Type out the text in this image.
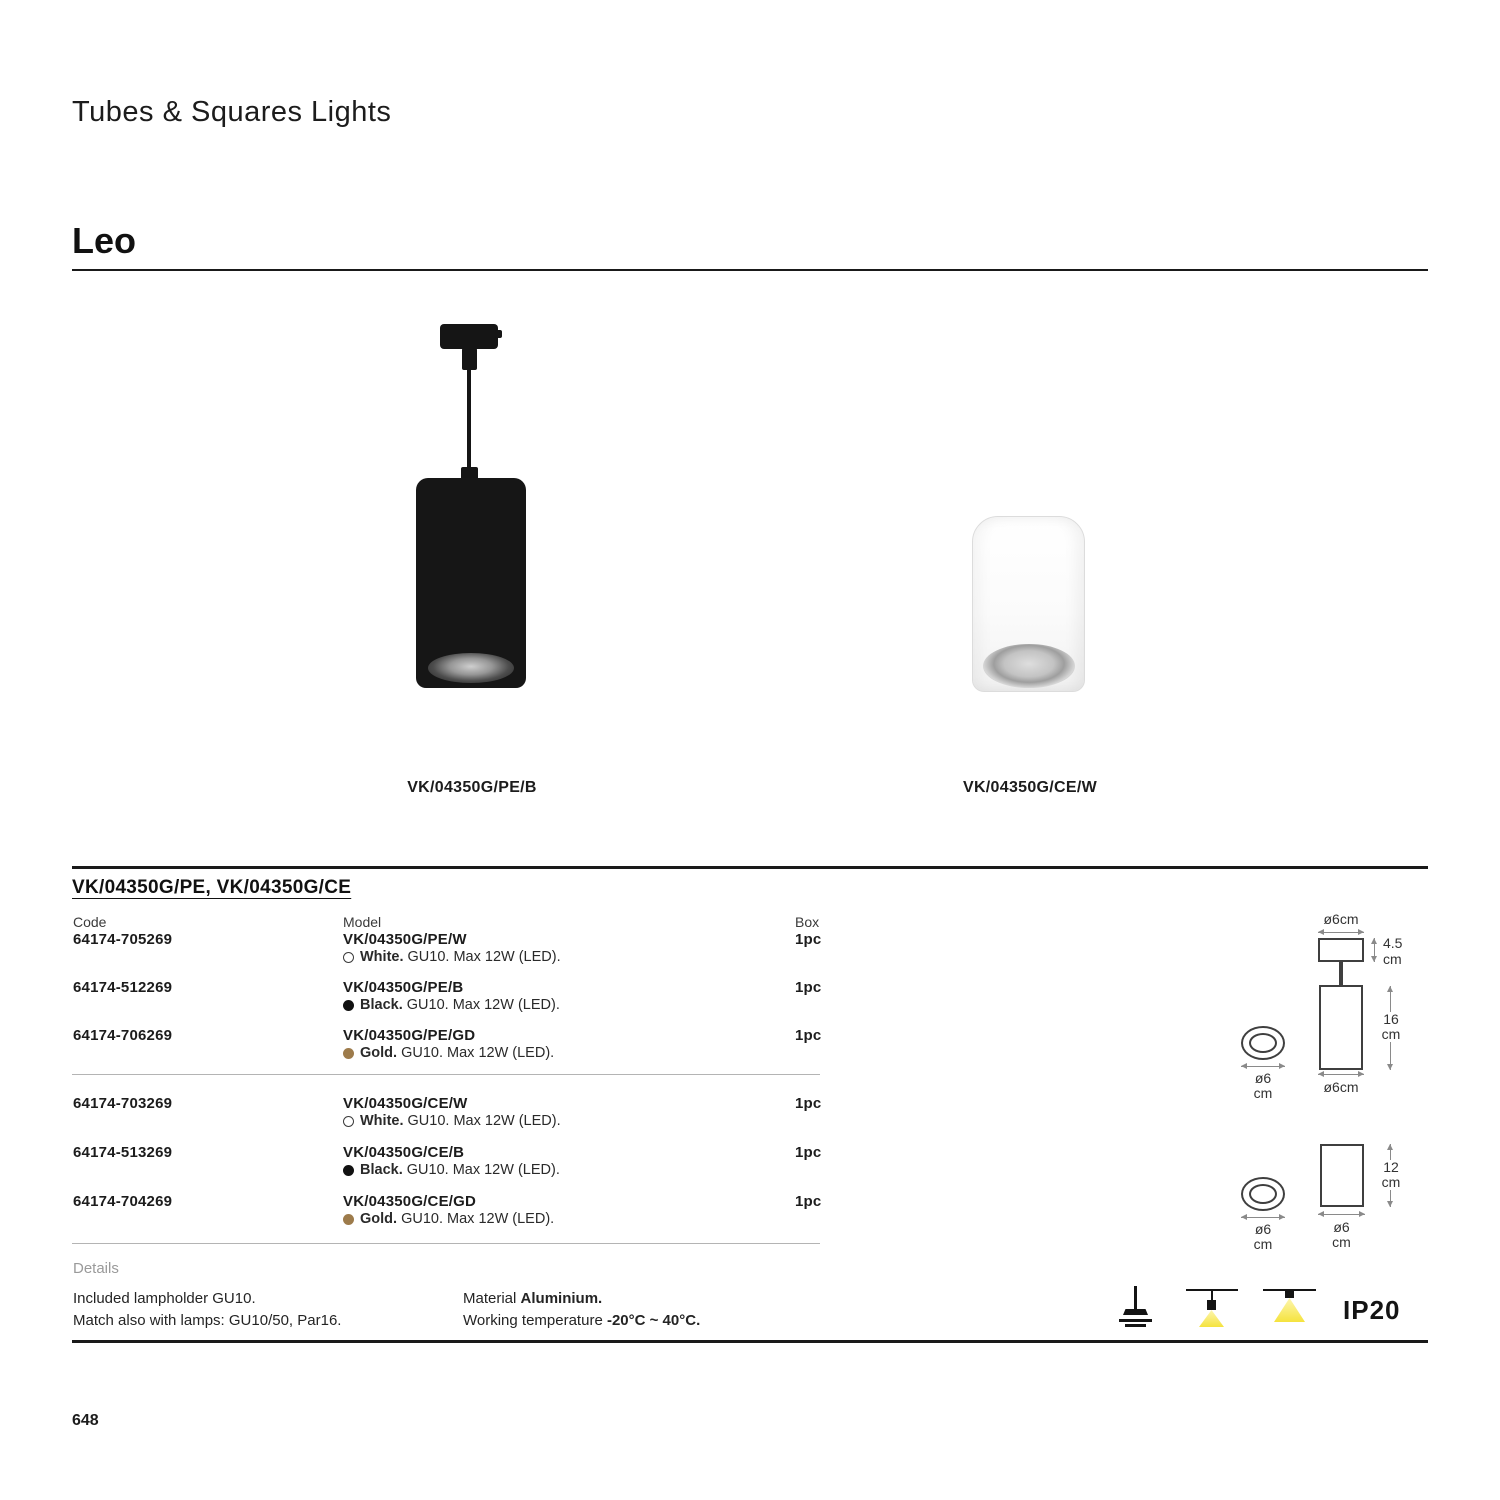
Tubes & Squares Lights
Leo
VK/04350G/PE/B	VK/04350G/CE/W
VK/04350G/PE, VK/04350G/CE
Code	Model	Box
64174-705269	VK/04350G/PE/W
White. GU10. Max 12W (LED).
1pc
64174-512269	VK/04350G/PE/B
Black. GU10. Max 12W (LED).
1pc
64174-706269	VK/04350G/PE/GD
Gold. GU10. Max 12W (LED).
1pc
64174-703269	VK/04350G/CE/W
White. GU10. Max 12W (LED).
1pc
64174-513269	VK/04350G/CE/B
Black. GU10. Max 12W (LED).
1pc
64174-704269	VK/04350G/CE/GD
Gold. GU10. Max 12W (LED).
1pc
Details
Included lampholder GU10.
Match also with lamps: GU10/50, Par16.
Material Aluminium.
Working temperature -20°C ~ 40°C.
ø6cm
4.5
cm
16
cm
ø6cm
ø6
cm
12
cm
ø6
cm
ø6
cm
IP20
648
